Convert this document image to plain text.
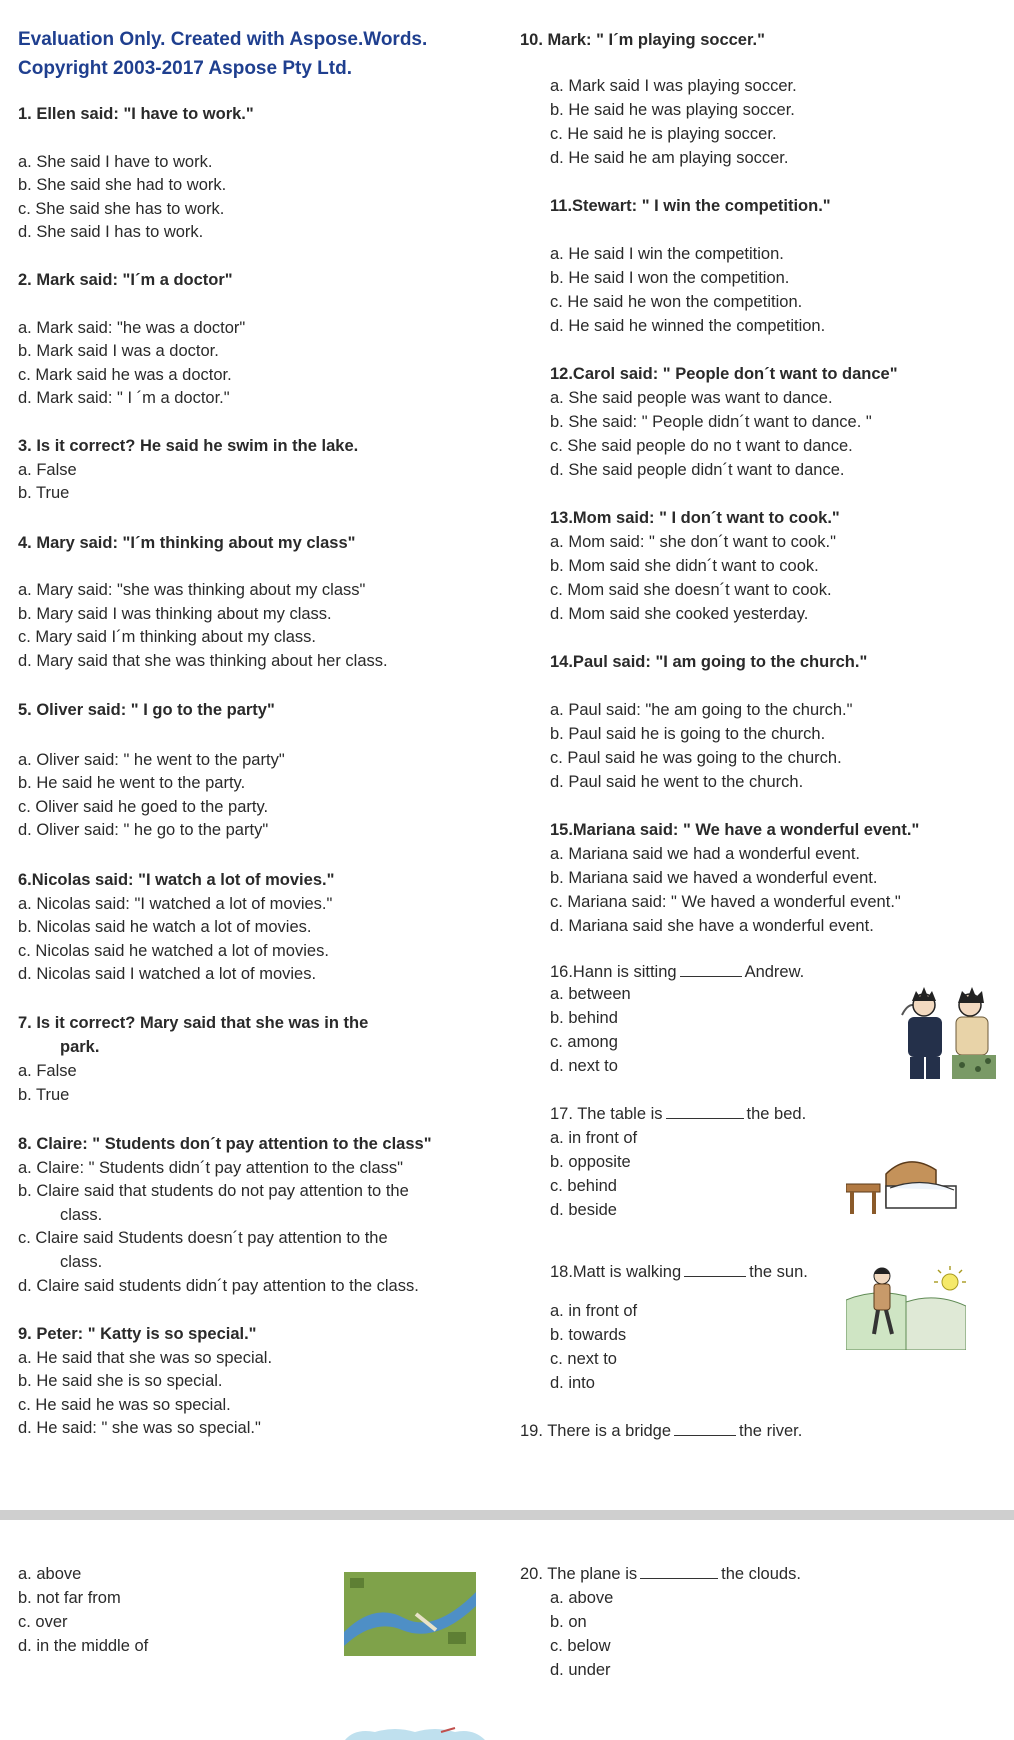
Evaluation Only. Created with Aspose.Words.
Copyright 2003-2017 Aspose Pty Ltd.
1. Ellen said: "I have to work."
a. She said I have to work.
b. She said she had to work.
c. She said she has to work.
d. She said I has to work.
2. Mark said: "I´m a doctor"
a. Mark said: "he was a doctor"
b. Mark said I was a doctor.
c. Mark said he was a doctor.
d. Mark said: " I ´m a doctor."
3. Is it correct? He said he swim in the lake.
a. False
b. True
4. Mary said: "I´m thinking about my class"
a. Mary said: "she was thinking about my class"
b. Mary said I was thinking about my class.
c. Mary said I´m thinking about my class.
d. Mary said that she was thinking about her class.
5. Oliver said: " I go to the party"
a. Oliver said: " he went to the party"
b. He said he went to the party.
c. Oliver said he goed to the party.
d. Oliver said: " he go to the party"
6.Nicolas said: "I watch a lot of movies."
a. Nicolas said: "I watched a lot of movies."
b. Nicolas said he watch a lot of movies.
c. Nicolas said he watched a lot of movies.
d. Nicolas said I watched a lot of movies.
7. Is it correct? Mary said that she was in the
park.
a. False
b. True
8. Claire: " Students don´t pay attention to the class"
a. Claire: " Students didn´t pay attention to the class"
b. Claire said that students do not pay attention to the
class.
c. Claire said Students doesn´t pay attention to the
class.
d. Claire said students didn´t pay attention to the class.
9. Peter: " Katty is so special."
a. He said that she was so special.
b. He said she is so special.
c. He said he was so special.
d. He said: " she was so special."
10. Mark: " I´m playing soccer."
a. Mark said I was playing soccer.
b. He said he was playing soccer.
c. He said he is playing soccer.
d. He said he am playing soccer.
11.Stewart: " I win the competition."
a. He said I win the competition.
b. He said I won the competition.
c. He said he won the competition.
d. He said he winned the competition.
12.Carol said: " People don´t want to dance"
a. She said people was want to dance.
b. She said: " People didn´t want to dance. "
c. She said people do no t want to dance.
d. She said people didn´t want to dance.
13.Mom said: " I don´t want to cook."
a. Mom said: " she don´t want to cook."
b. Mom said she didn´t want to cook.
c. Mom said she doesn´t want to cook.
d. Mom said she cooked yesterday.
14.Paul said: "I am going to the church."
a. Paul said: "he am going to the church."
b. Paul said he is going to the church.
c. Paul said he was going to the church.
d. Paul said he went to the church.
15.Mariana said: " We have a wonderful event."
a. Mariana said we had a wonderful event.
b. Mariana said we haved a wonderful event.
c. Mariana said: " We haved a wonderful event."
d. Mariana said she have a wonderful event.
16.Hann is sitting	Andrew.
a. between
b. behind
c. among
d. next to
17. The table is	the bed.
a. in front of
b. opposite
c. behind
d. beside
18.Matt is walking	the sun.
a. in front of
b. towards
c. next to
d. into
19. There is a bridge	the river.
a. above
b. not far from
c. over
d. in the middle of
20. The plane is	the clouds.
a. above
b. on
c. below
d. under
